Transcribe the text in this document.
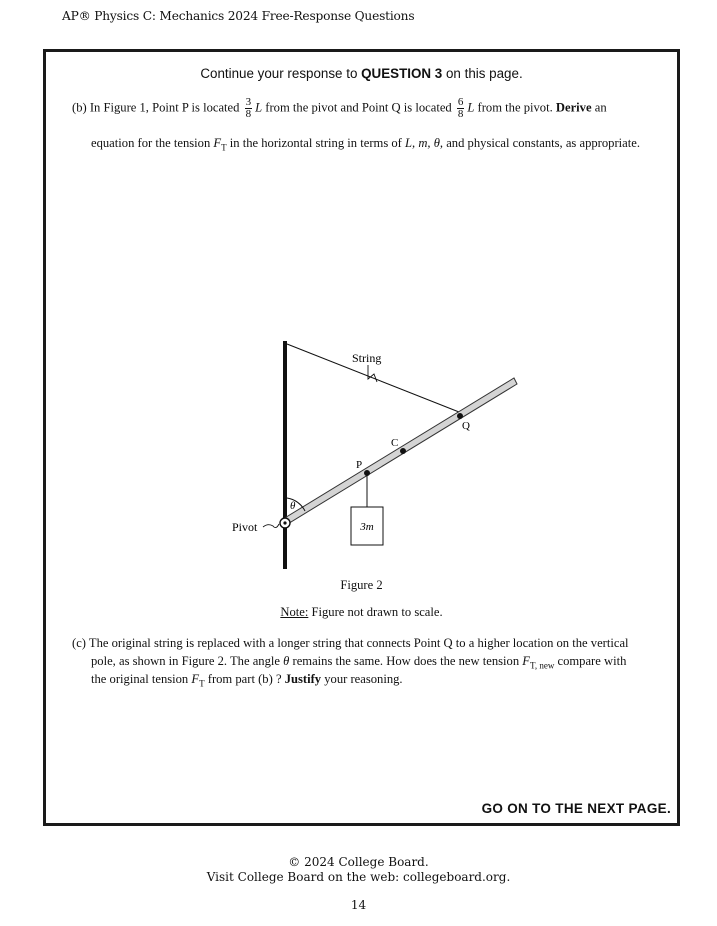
AP® Physics C: Mechanics 2024 Free-Response Questions
Continue your response to QUESTION 3 on this page.
(b) In Figure 1, Point P is located $\frac{3}{8}$ L from the pivot and Point Q is located $\frac{6}{8}$ L from the pivot. Derive an
equation for the tension $F_T$ in the horizontal string in terms of L, m, θ, and physical constants, as appropriate.
3m
θ
String
Q
C
P
Pivot
Figure 2
Note: Figure not drawn to scale.
(c) The original string is replaced with a longer string that connects Point Q to a higher location on the vertical
pole, as shown in Figure 2. The angle θ remains the same. How does the new tension $F_{T, new}$ compare with
the original tension $F_T$ from part (b) ? Justify your reasoning.
GO ON TO THE NEXT PAGE.
© 2024 College Board.
Visit College Board on the web: collegeboard.org.
14
